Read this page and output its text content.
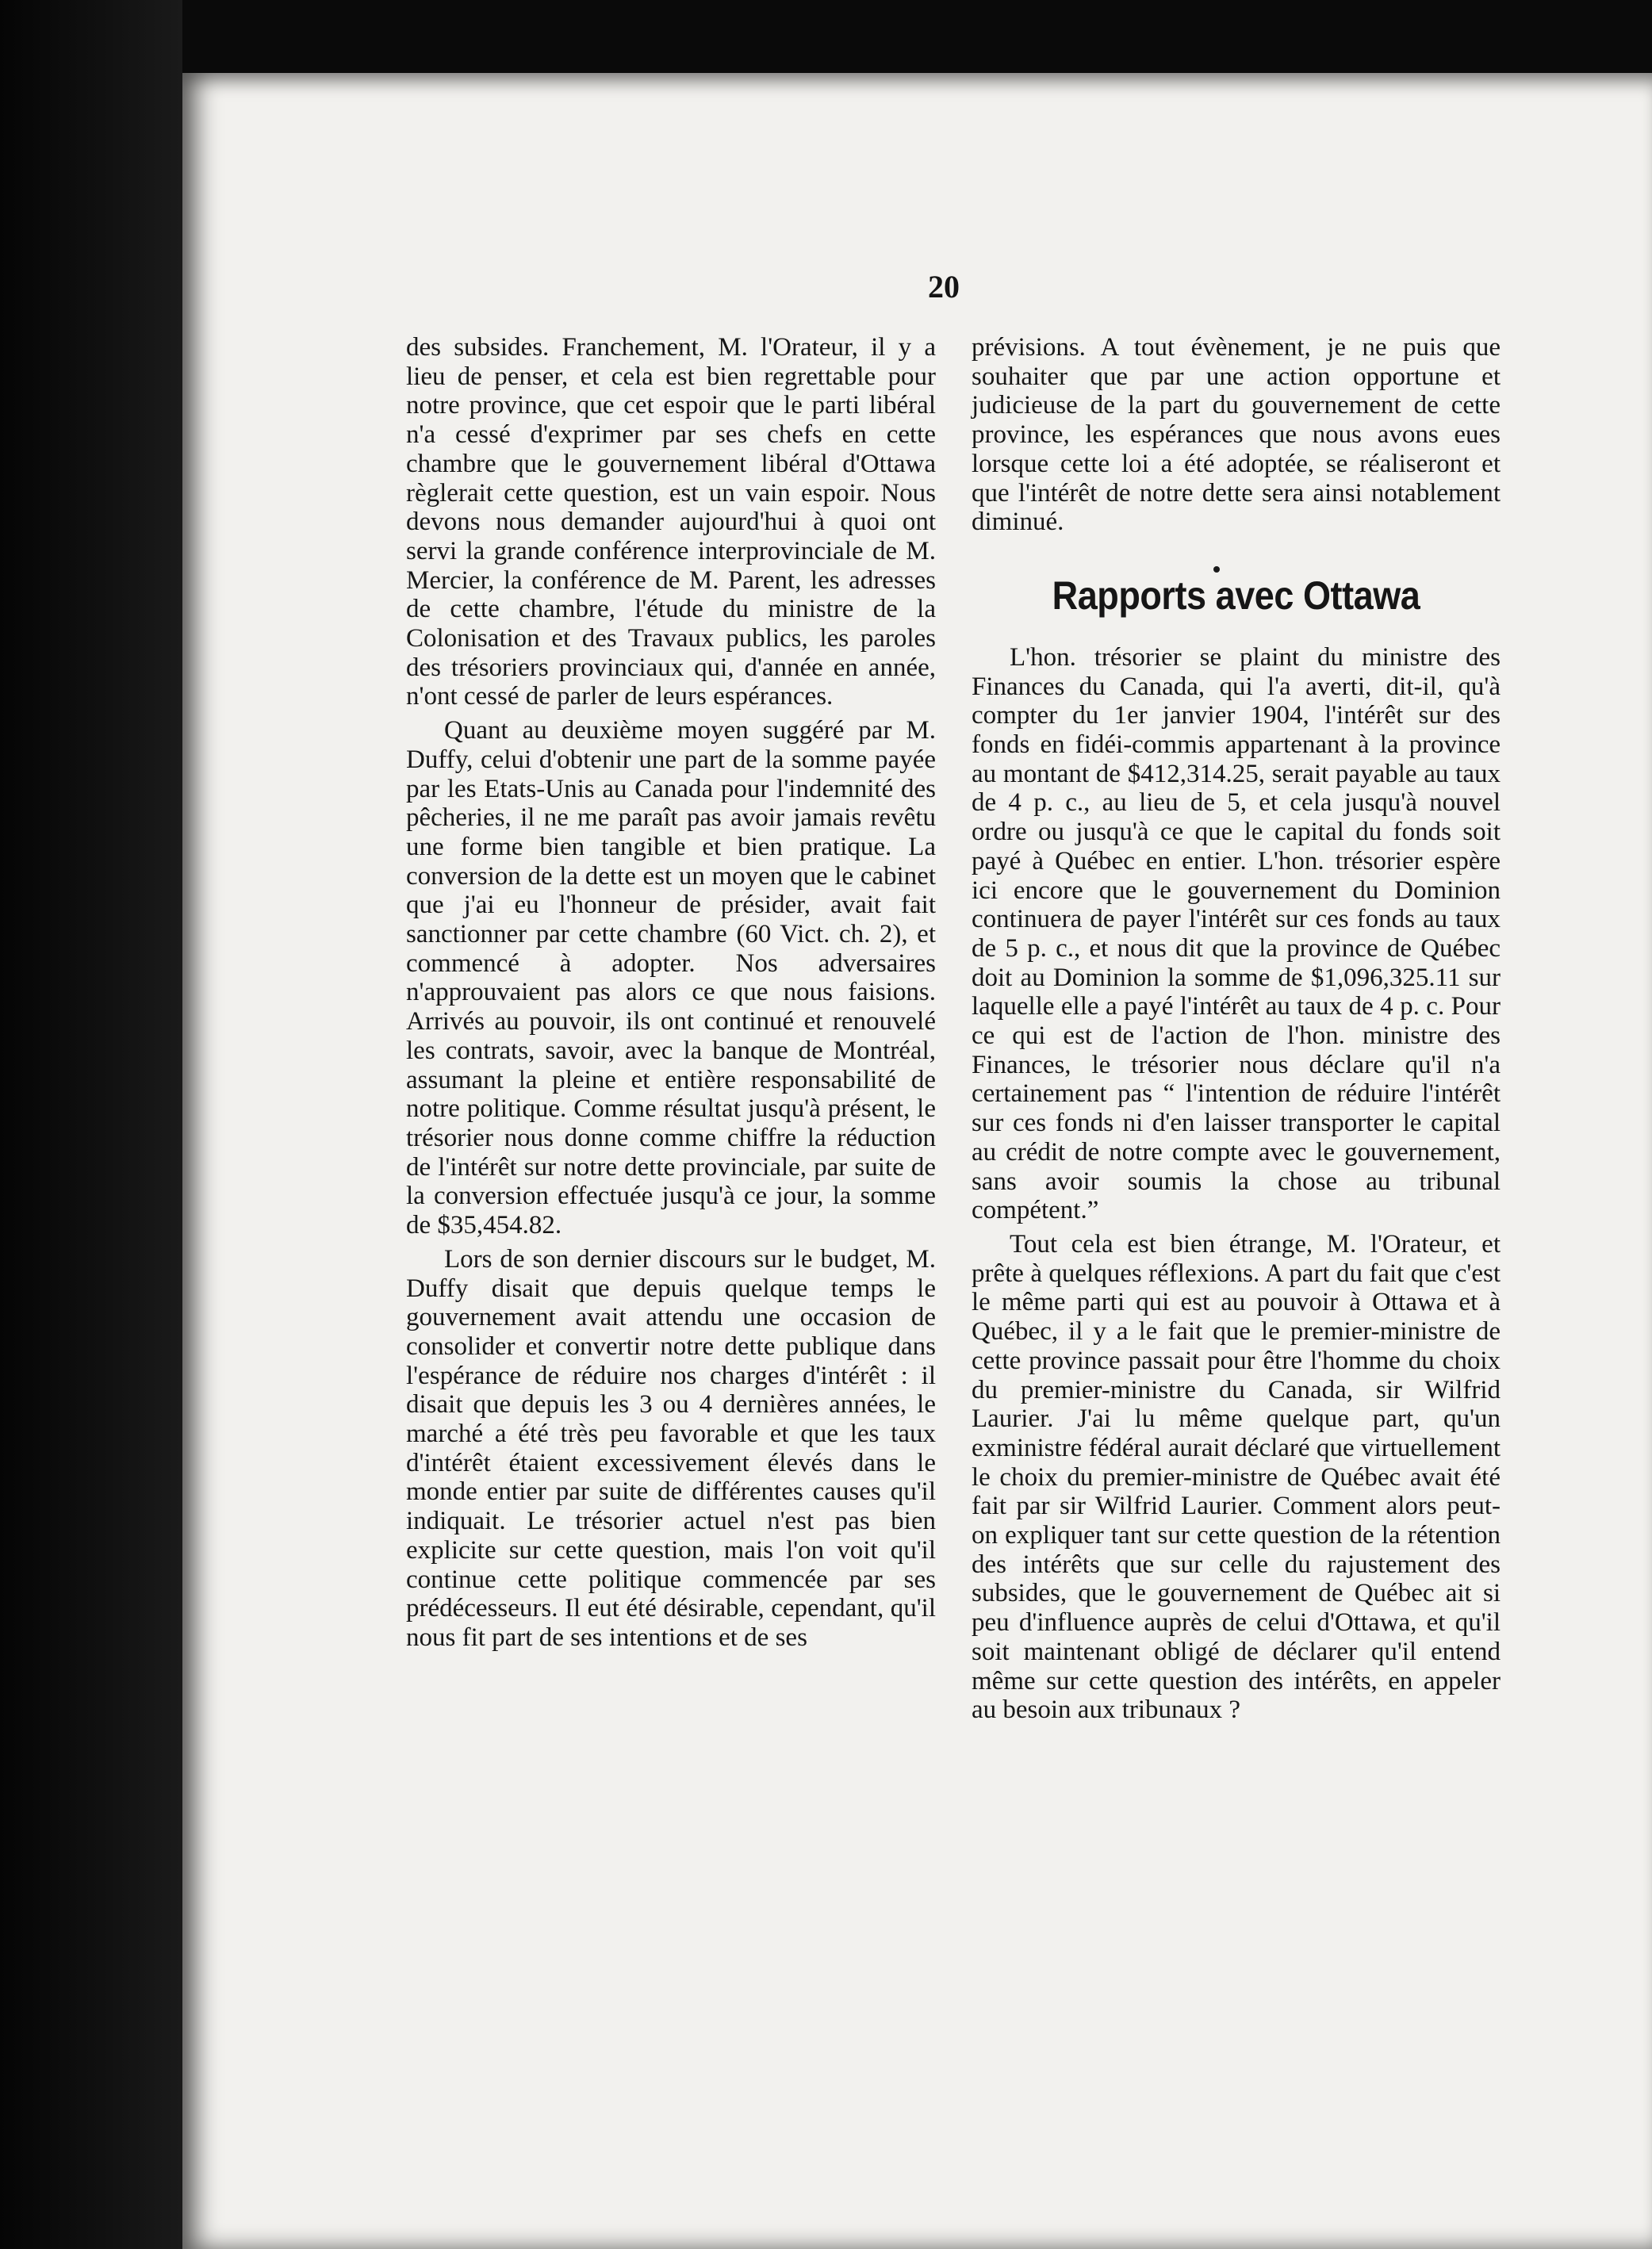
20

des subsides. Franchement, M. l'Orateur, il y a lieu de penser, et cela est bien regrettable pour notre province, que cet espoir que le parti libéral n'a cessé d'exprimer par ses chefs en cette chambre que le gouvernement libéral d'Ottawa règlerait cette question, est un vain espoir. Nous devons nous demander aujourd'hui à quoi ont servi la grande conférence interprovinciale de M. Mercier, la conférence de M. Parent, les adresses de cette chambre, l'étude du ministre de la Colonisation et des Travaux publics, les paroles des trésoriers provinciaux qui, d'année en année, n'ont cessé de parler de leurs espérances.

Quant au deuxième moyen suggéré par M. Duffy, celui d'obtenir une part de la somme payée par les Etats-Unis au Canada pour l'indemnité des pêcheries, il ne me paraît pas avoir jamais revêtu une forme bien tangible et bien pratique. La conversion de la dette est un moyen que le cabinet que j'ai eu l'honneur de présider, avait fait sanctionner par cette chambre (60 Vict. ch. 2), et commencé à adopter. Nos adversaires n'approuvaient pas alors ce que nous faisions. Arrivés au pouvoir, ils ont continué et renouvelé les contrats, savoir, avec la banque de Montréal, assumant la pleine et entière responsabilité de notre politique. Comme résultat jusqu'à présent, le trésorier nous donne comme chiffre la réduction de l'intérêt sur notre dette provinciale, par suite de la conversion effectuée jusqu'à ce jour, la somme de $35,454.82.

Lors de son dernier discours sur le budget, M. Duffy disait que depuis quelque temps le gouvernement avait attendu une occasion de consolider et convertir notre dette publique dans l'espérance de réduire nos charges d'intérêt : il disait que depuis les 3 ou 4 dernières années, le marché a été très peu favorable et que les taux d'intérêt étaient excessivement élevés dans le monde entier par suite de différentes causes qu'il indiquait. Le trésorier actuel n'est pas bien explicite sur cette question, mais l'on voit qu'il continue cette politique commencée par ses prédécesseurs. Il eut été désirable, cependant, qu'il nous fit part de ses intentions et de ses

prévisions. A tout évènement, je ne puis que souhaiter que par une action opportune et judicieuse de la part du gouvernement de cette province, les espérances que nous avons eues lorsque cette loi a été adoptée, se réaliseront et que l'intérêt de notre dette sera ainsi notablement diminué.

Rapports avec Ottawa

L'hon. trésorier se plaint du ministre des Finances du Canada, qui l'a averti, dit-il, qu'à compter du 1er janvier 1904, l'intérêt sur des fonds en fidéi-commis appartenant à la province au montant de $412,314.25, serait payable au taux de 4 p. c., au lieu de 5, et cela jusqu'à nouvel ordre ou jusqu'à ce que le capital du fonds soit payé à Québec en entier. L'hon. trésorier espère ici encore que le gouvernement du Dominion continuera de payer l'intérêt sur ces fonds au taux de 5 p. c., et nous dit que la province de Québec doit au Dominion la somme de $1,096,325.11 sur laquelle elle a payé l'intérêt au taux de 4 p. c. Pour ce qui est de l'action de l'hon. ministre des Finances, le trésorier nous déclare qu'il n'a certainement pas “ l'intention de réduire l'intérêt sur ces fonds ni d'en laisser transporter le capital au crédit de notre compte avec le gouvernement, sans avoir soumis la chose au tribunal compétent.”

Tout cela est bien étrange, M. l'Orateur, et prête à quelques réflexions. A part du fait que c'est le même parti qui est au pouvoir à Ottawa et à Québec, il y a le fait que le premier-ministre de cette province passait pour être l'homme du choix du premier-ministre du Canada, sir Wilfrid Laurier. J'ai lu même quelque part, qu'un exministre fédéral aurait déclaré que virtuellement le choix du premier-ministre de Québec avait été fait par sir Wilfrid Laurier. Comment alors peut-on expliquer tant sur cette question de la rétention des intérêts que sur celle du rajustement des subsides, que le gouvernement de Québec ait si peu d'influence auprès de celui d'Ottawa, et qu'il soit maintenant obligé de déclarer qu'il entend même sur cette question des intérêts, en appeler au besoin aux tribunaux ?
